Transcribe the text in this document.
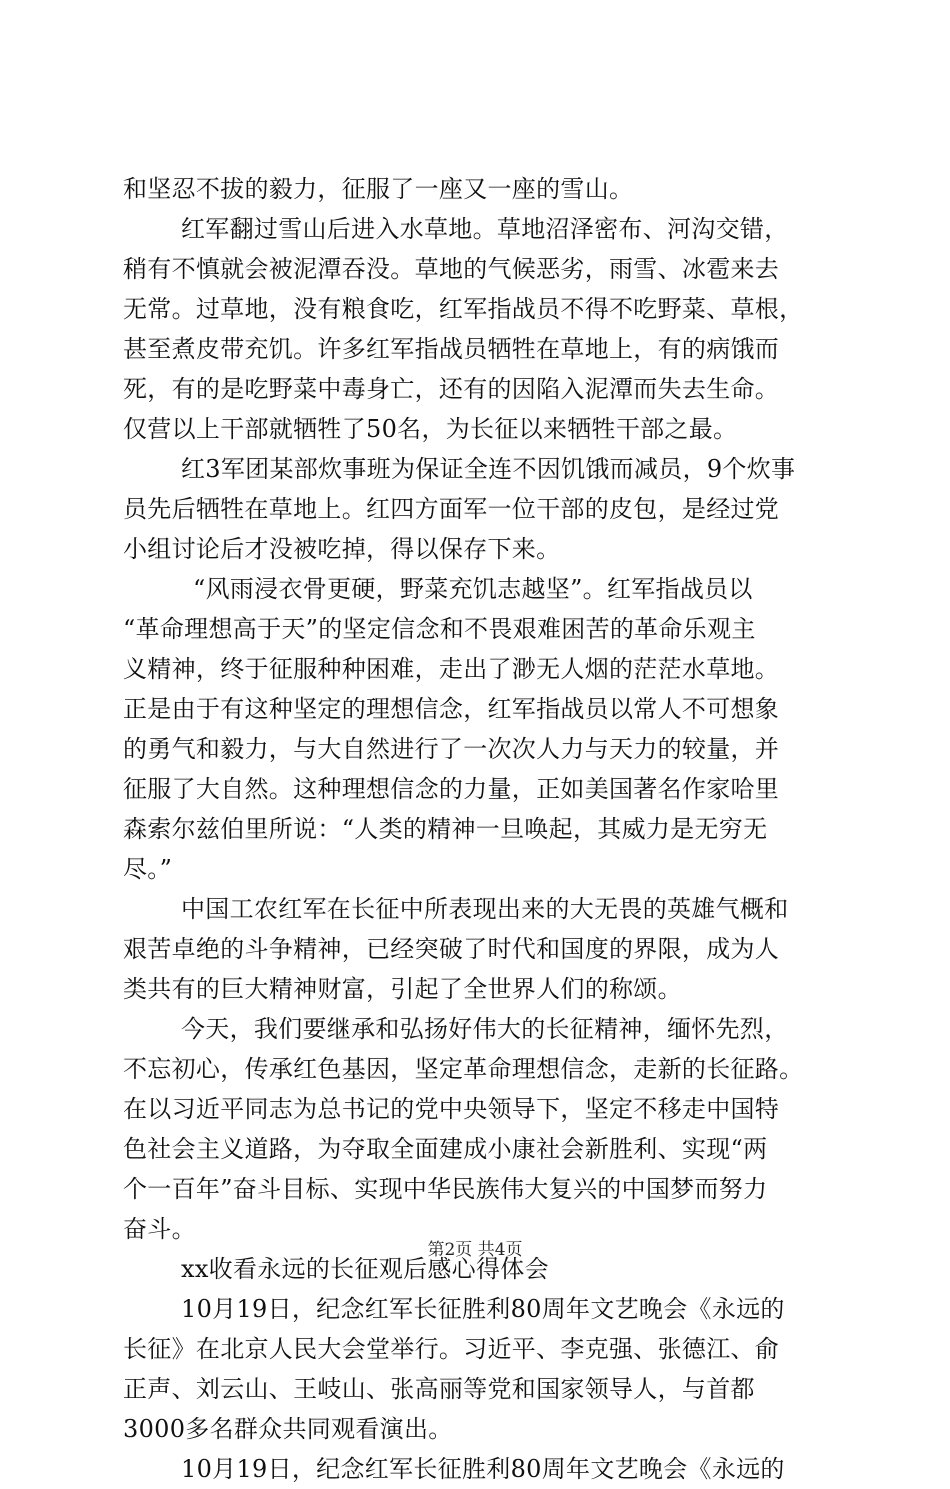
和坚忍不拔的毅力，征服了一座又一座的雪山。
红军翻过雪山后进入水草地。草地沼泽密布、河沟交错，
稍有不慎就会被泥潭吞没。草地的气候恶劣，雨雪、冰雹来去
无常。过草地，没有粮食吃，红军指战员不得不吃野菜、草根，
甚至煮皮带充饥。许多红军指战员牺牲在草地上，有的病饿而
死，有的是吃野菜中毒身亡，还有的因陷入泥潭而失去生命。
仅营以上干部就牺牲了50名，为长征以来牺牲干部之最。
红3军团某部炊事班为保证全连不因饥饿而减员，9个炊事
员先后牺牲在草地上。红四方面军一位干部的皮包，是经过党
小组讨论后才没被吃掉，得以保存下来。
“风雨浸衣骨更硬，野菜充饥志越坚”。红军指战员以
“革命理想高于天”的坚定信念和不畏艰难困苦的革命乐观主
义精神，终于征服种种困难，走出了渺无人烟的茫茫水草地。
正是由于有这种坚定的理想信念，红军指战员以常人不可想象
的勇气和毅力，与大自然进行了一次次人力与天力的较量，并
征服了大自然。这种理想信念的力量，正如美国著名作家哈里
森索尔兹伯里所说：“人类的精神一旦唤起，其威力是无穷无
尽。”
中国工农红军在长征中所表现出来的大无畏的英雄气概和
艰苦卓绝的斗争精神，已经突破了时代和国度的界限，成为人
类共有的巨大精神财富，引起了全世界人们的称颂。
今天，我们要继承和弘扬好伟大的长征精神，缅怀先烈，
不忘初心，传承红色基因，坚定革命理想信念，走新的长征路。
在以习近平同志为总书记的党中央领导下，坚定不移走中国特
色社会主义道路，为夺取全面建成小康社会新胜利、实现“两
个一百年”奋斗目标、实现中华民族伟大复兴的中国梦而努力
奋斗。
xx收看永远的长征观后感心得体会
10月19日，纪念红军长征胜利80周年文艺晚会《永远的
长征》在北京人民大会堂举行。习近平、李克强、张德江、俞
正声、刘云山、王岐山、张高丽等党和国家领导人，与首都
3000多名群众共同观看演出。
10月19日，纪念红军长征胜利80周年文艺晚会《永远的
第2页 共4页
